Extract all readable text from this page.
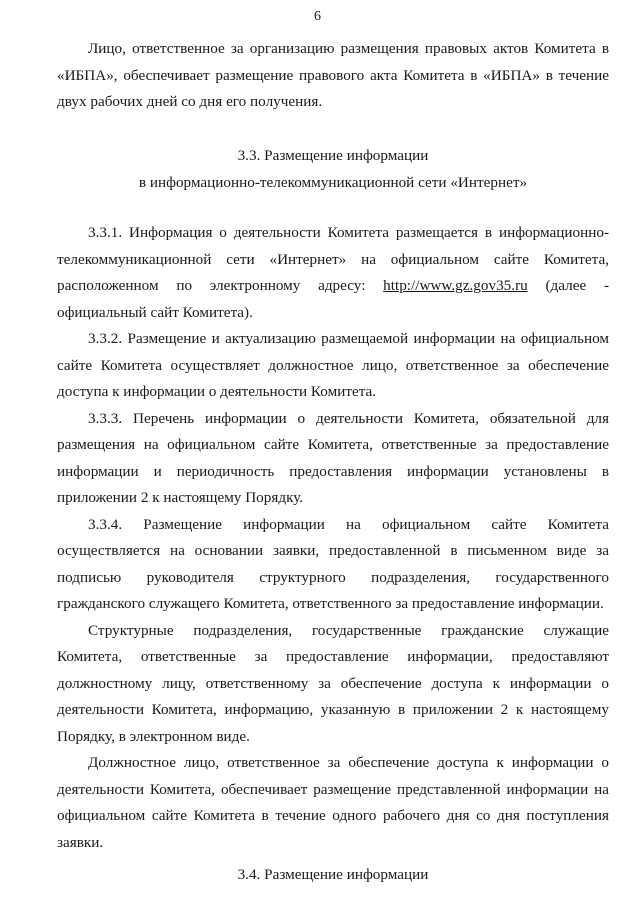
6

Лицо, ответственное за организацию размещения правовых актов Комитета в «ИБПА», обеспечивает размещение правового акта Комитета в «ИБПА» в течение двух рабочих дней со дня его получения.

3.3. Размещение информации
в информационно-телекоммуникационной сети «Интернет»

3.3.1. Информация о деятельности Комитета размещается в информационно-телекоммуникационной сети «Интернет» на официальном сайте Комитета, расположенном по электронному адресу: http://www.gz.gov35.ru (далее - официальный сайт Комитета).

3.3.2. Размещение и актуализацию размещаемой информации на официальном сайте Комитета осуществляет должностное лицо, ответственное за обеспечение доступа к информации о деятельности Комитета.

3.3.3. Перечень информации о деятельности Комитета, обязательной для размещения на официальном сайте Комитета, ответственные за предоставление информации и периодичность предоставления информации установлены в приложении 2 к настоящему Порядку.

3.3.4. Размещение информации на официальном сайте Комитета осуществляется на основании заявки, предоставленной в письменном виде за подписью руководителя структурного подразделения, государственного гражданского служащего Комитета, ответственного за предоставление информации.

Структурные подразделения, государственные гражданские служащие Комитета, ответственные за предоставление информации, предоставляют должностному лицу, ответственному за обеспечение доступа к информации о деятельности Комитета, информацию, указанную в приложении 2 к настоящему Порядку, в электронном виде.

Должностное лицо, ответственное за обеспечение доступа к информации о деятельности Комитета, обеспечивает размещение представленной информации на официальном сайте Комитета в течение одного рабочего дня со дня поступления заявки.

3.4. Размещение информации
